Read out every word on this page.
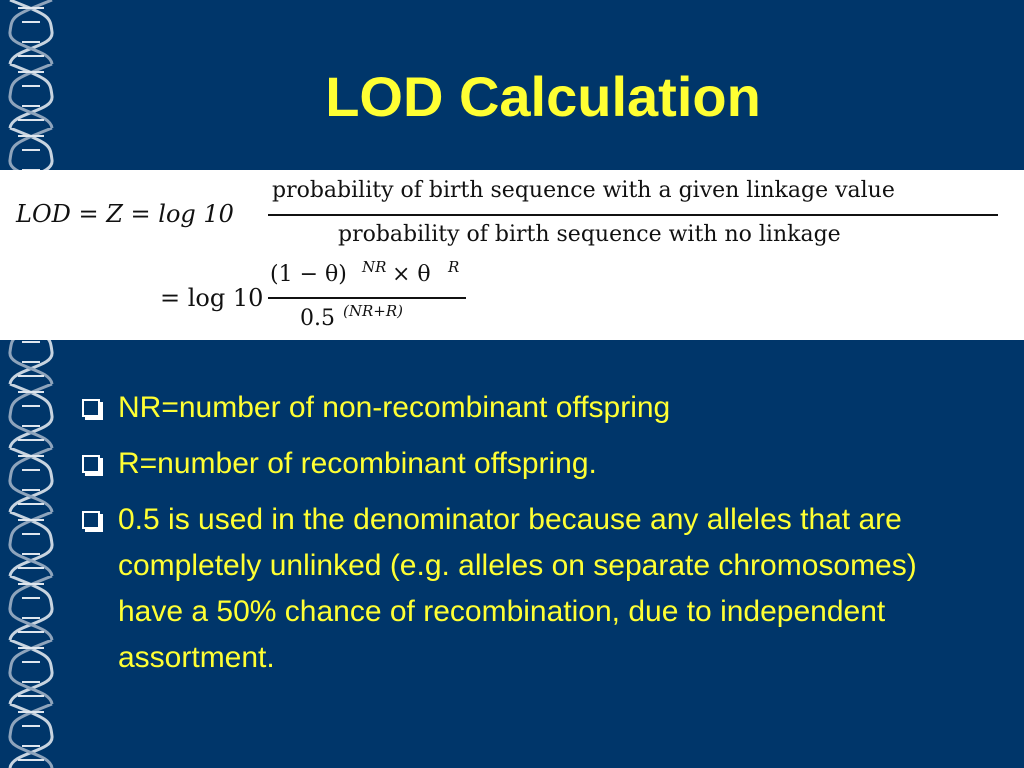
LOD Calculation
LOD = Z = log 10
probability of birth sequence with a given linkage value
probability of birth sequence with no linkage
= log 10
(1 − θ) NR × θ R
0.5 (NR+R)
NR=number of non-recombinant offspring
R=number of recombinant offspring.
0.5 is used in the denominator because any alleles that are completely unlinked (e.g. alleles on separate chromosomes) have a 50% chance of recombination, due to independent assortment.
